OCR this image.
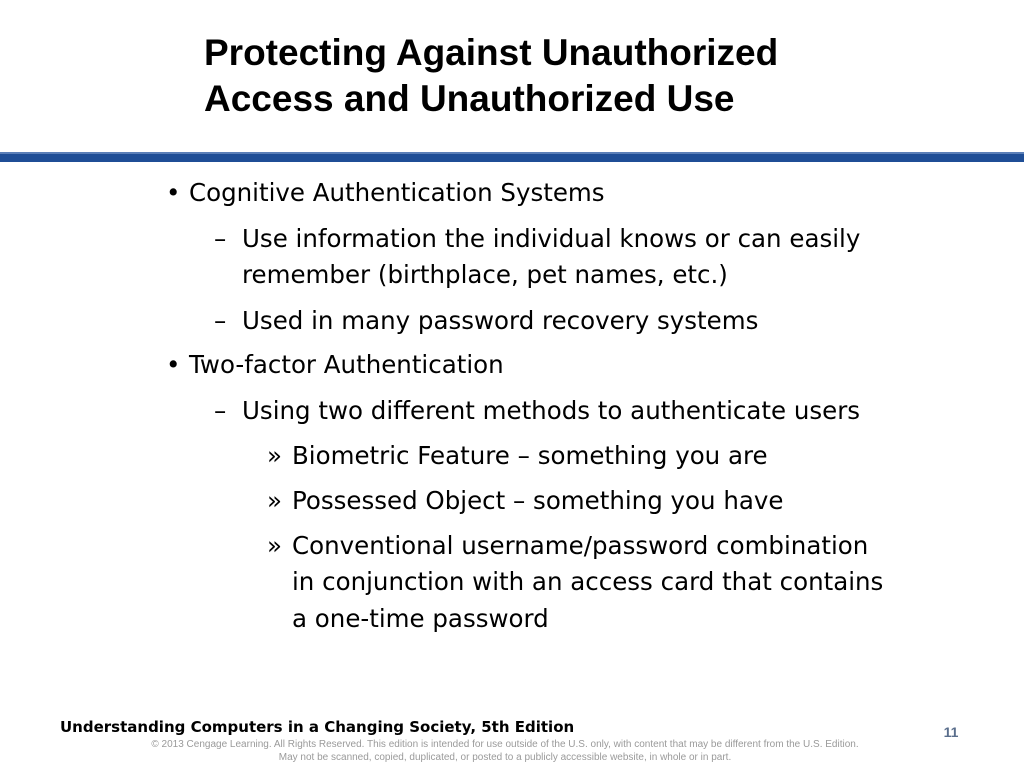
Protecting Against Unauthorized
Access and Unauthorized Use
• Cognitive Authentication Systems
– Use information the individual knows or can easily
remember (birthplace, pet names, etc.)
– Used in many password recovery systems
• Two-factor Authentication
– Using two different methods to authenticate users
» Biometric Feature – something you are
» Possessed Object – something you have
» Conventional username/password combination
in conjunction with an access card that contains
a one-time password
Understanding Computers in a Changing Society, 5th Edition	11
© 2013 Cengage Learning. All Rights Reserved. This edition is intended for use outside of the U.S. only, with content that may be different from the U.S. Edition.
May not be scanned, copied, duplicated, or posted to a publicly accessible website, in whole or in part.
